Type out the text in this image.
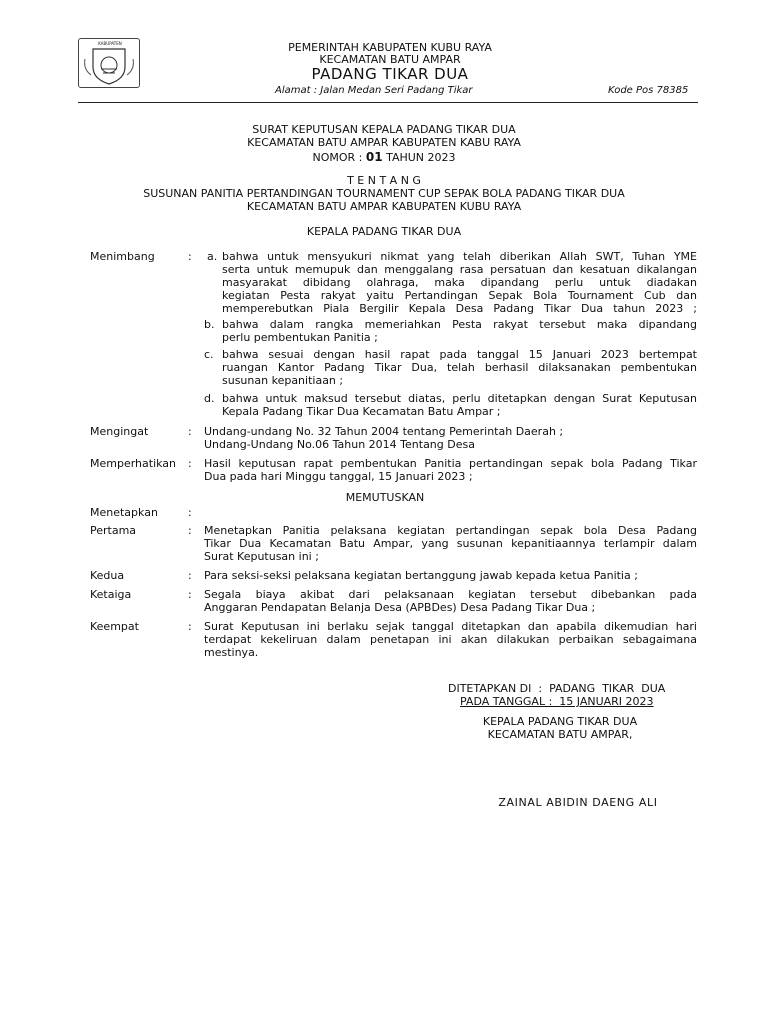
KABUPATEN	PEMERINTAH KABUPATEN KUBU RAYA
KECAMATAN BATU AMPAR
PADANG TIKAR DUA
Alamat : Jalan Medan Seri Padang Tikar	Kode Pos 78385
SURAT KEPUTUSAN KEPALA PADANG TIKAR DUA
KECAMATAN BATU AMPAR KABUPATEN KABU RAYA
NOMOR : 01 TAHUN 2023
T E N T A N G
SUSUNAN PANITIA PERTANDINGAN TOURNAMENT CUP SEPAK BOLA PADANG TIKAR DUA
KECAMATAN BATU AMPAR KABUPATEN KUBU RAYA
KEPALA PADANG TIKAR DUA
Menimbang	: a. bahwa untuk mensyukuri nikmat yang telah diberikan Allah SWT, Tuhan YME
serta untuk memupuk dan menggalang rasa persatuan dan kesatuan dikalangan
masyarakat dibidang olahraga, maka dipandang perlu untuk diadakan
kegiatan Pesta rakyat yaitu Pertandingan Sepak Bola Tournament Cub dan
memperebutkan Piala Bergilir Kepala Desa Padang Tikar Dua tahun 2023 ;
b. bahwa dalam rangka memeriahkan Pesta rakyat tersebut maka dipandang
perlu pembentukan Panitia ;
c. bahwa sesuai dengan hasil rapat pada tanggal 15 Januari 2023 bertempat
ruangan Kantor Padang Tikar Dua, telah berhasil dilaksanakan pembentukan
susunan kepanitiaan ;
d. bahwa untuk maksud tersebut diatas, perlu ditetapkan dengan Surat Keputusan
Kepala Padang Tikar Dua Kecamatan Batu Ampar ;
Mengingat	: Undang-undang No. 32 Tahun 2004 tentang Pemerintah Daerah ;
Undang-Undang No.06 Tahun 2014 Tentang Desa
Memperhatikan : Hasil keputusan rapat pembentukan Panitia pertandingan sepak bola Padang Tikar
Dua pada hari Minggu tanggal, 15 Januari 2023 ;
MEMUTUSKAN
Menetapkan	:
Pertama	: Menetapkan Panitia pelaksana kegiatan pertandingan sepak bola Desa Padang
Tikar Dua Kecamatan Batu Ampar, yang susunan kepanitiaannya terlampir dalam
Surat Keputusan ini ;
Kedua	: Para seksi-seksi pelaksana kegiatan bertanggung jawab kepada ketua Panitia ;
Ketaiga	: Segala biaya akibat dari pelaksanaan kegiatan tersebut dibebankan pada
Anggaran Pendapatan Belanja Desa (APBDes) Desa Padang Tikar Dua ;
Keempat	: Surat Keputusan ini berlaku sejak tanggal ditetapkan dan apabila dikemudian hari
terdapat kekeliruan dalam penetapan ini akan dilakukan perbaikan sebagaimana
mestinya.
DITETAPKAN DI  :  PADANG  TIKAR  DUA
PADA TANGGAL :  15 JANUARI 2023
KEPALA PADANG TIKAR DUA
KECAMATAN BATU AMPAR,
ZAINAL ABIDIN DAENG ALI
